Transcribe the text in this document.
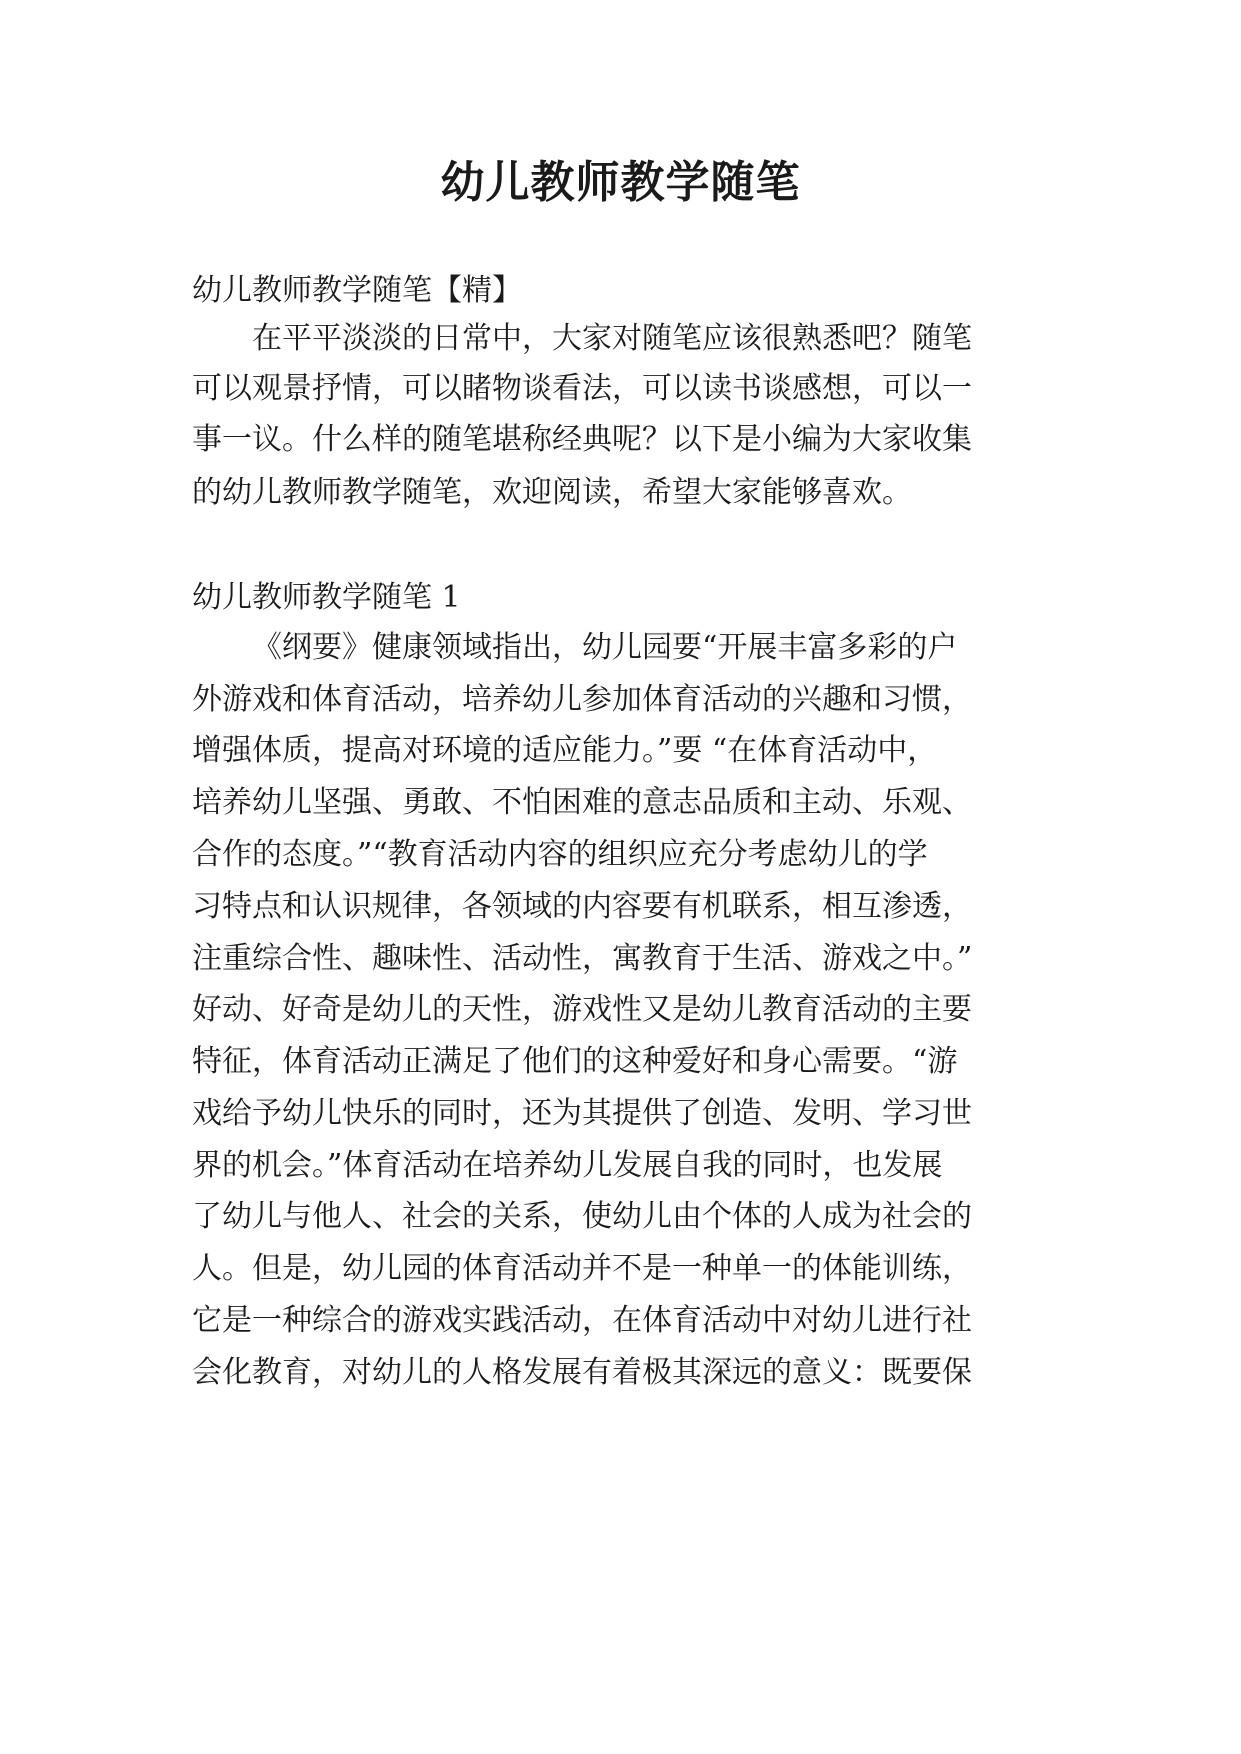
幼儿教师教学随笔
幼儿教师教学随笔【精】
在平平淡淡的日常中，大家对随笔应该很熟悉吧？随笔
可以观景抒情，可以睹物谈看法，可以读书谈感想，可以一
事一议。什么样的随笔堪称经典呢？以下是小编为大家收集
的幼儿教师教学随笔，欢迎阅读，希望大家能够喜欢。
幼儿教师教学随笔 1
《纲要》健康领域指出，幼儿园要“开展丰富多彩的户
外游戏和体育活动，培养幼儿参加体育活动的兴趣和习惯，
增强体质，提高对环境的适应能力。”要 “在体育活动中，
培养幼儿坚强、勇敢、不怕困难的意志品质和主动、乐观、
合作的态度。”“教育活动内容的组织应充分考虑幼儿的学
习特点和认识规律，各领域的内容要有机联系，相互渗透，
注重综合性、趣味性、活动性，寓教育于生活、游戏之中。”
好动、好奇是幼儿的天性，游戏性又是幼儿教育活动的主要
特征，体育活动正满足了他们的这种爱好和身心需要。“游
戏给予幼儿快乐的同时，还为其提供了创造、发明、学习世
界的机会。”体育活动在培养幼儿发展自我的同时，也发展
了幼儿与他人、社会的关系，使幼儿由个体的人成为社会的
人。但是，幼儿园的体育活动并不是一种单一的体能训练，
它是一种综合的游戏实践活动，在体育活动中对幼儿进行社
会化教育，对幼儿的人格发展有着极其深远的意义：既要保
